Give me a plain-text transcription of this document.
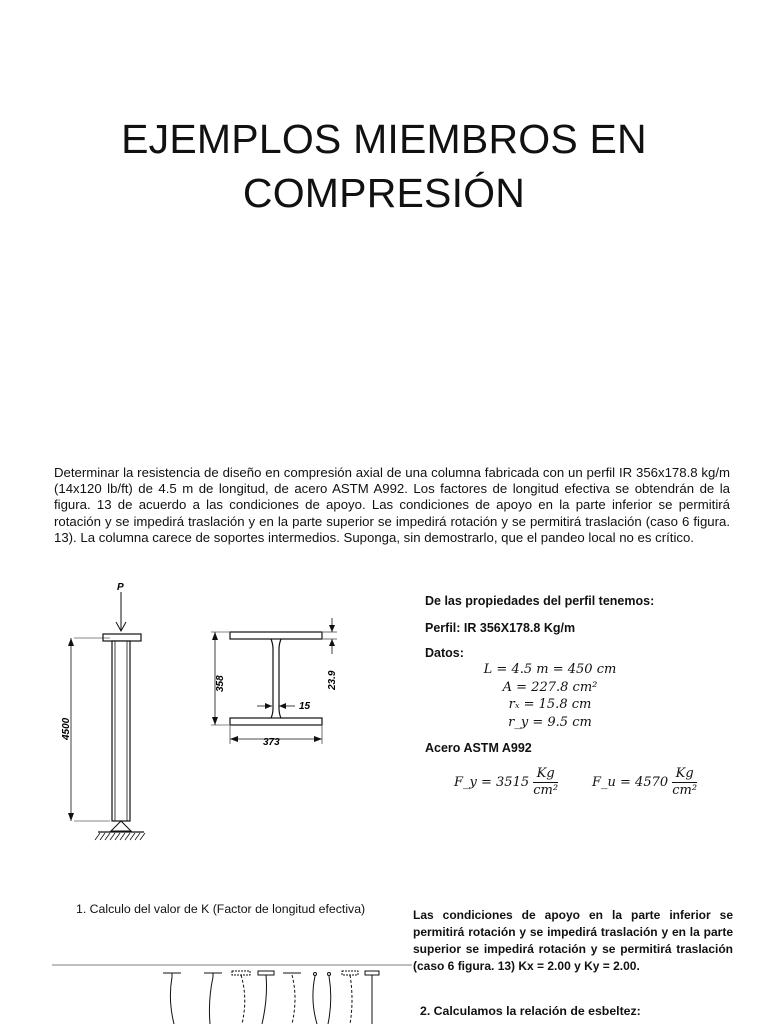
EJEMPLOS MIEMBROS EN
COMPRESIÓN
Determinar la resistencia de diseño en compresión axial de una columna fabricada con un perfil IR 356x178.8 kg/m (14x120 lb/ft) de 4.5 m de longitud, de acero ASTM A992. Los factores de longitud efectiva se obtendrán de la figura. 13 de acuerdo a las condiciones de apoyo. Las condiciones de apoyo en la parte inferior se permitirá rotación y se impedirá traslación y en la parte superior se impedirá rotación y se permitirá traslación (caso 6 figura. 13). La columna carece de soportes intermedios. Suponga, sin demostrarlo, que el pandeo local no es crítico.
P
4500
358	23.9
15
373

De las propiedades del perfil tenemos:

Perfil: IR 356X178.8 Kg/m

Datos:

L = 4.5 m = 450 cm
A = 227.8 cm²
rₓ = 15.8 cm
r_y = 9.5 cm

Acero ASTM A992

F_y = $3515 \frac{Kg}{\text{cm²}}$	F_u = $4570 \frac{Kg}{\text{cm²}}$
1. Calculo del valor de K (Factor de longitud efectiva)	Las condiciones de apoyo en la parte inferior se permitirá rotación y se impedirá traslación y en la parte superior se impedirá rotación y se permitirá traslación (caso 6 figura. 13) Kx = 2.00 y Ky = 2.00.
2. Calculamos la relación de esbeltez:
